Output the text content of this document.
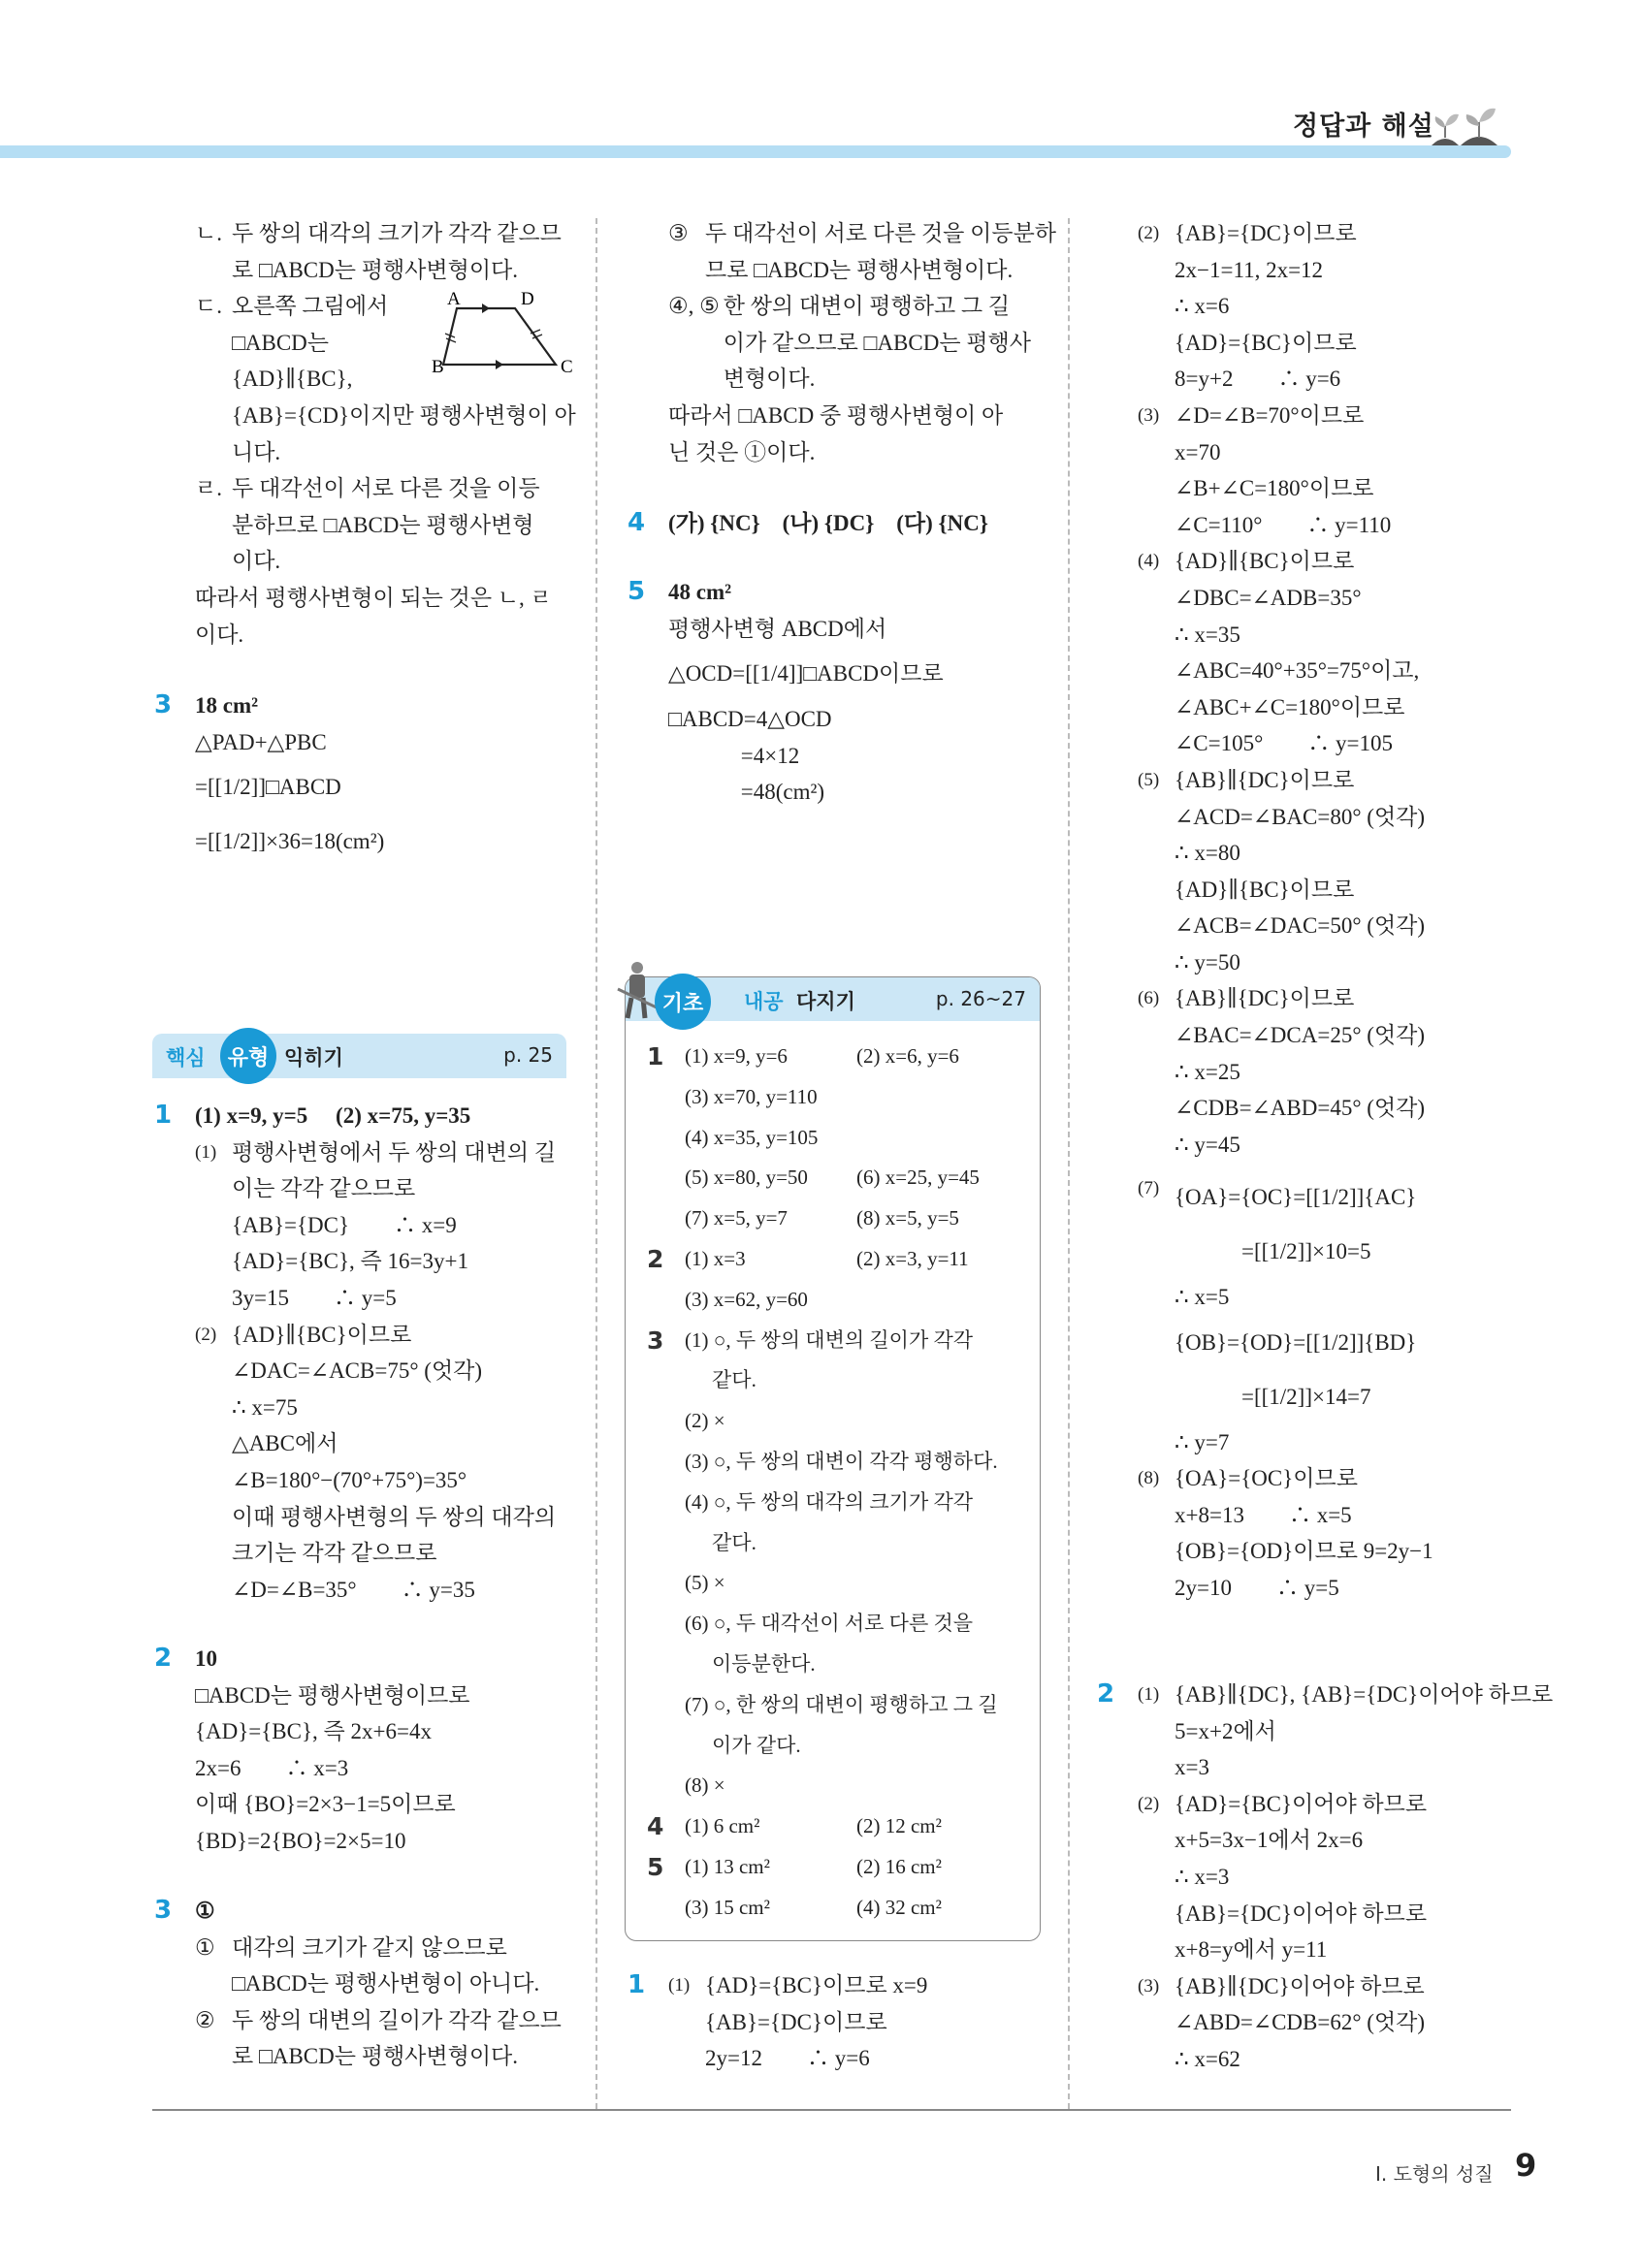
정답과 해설
ㄴ. 두 쌍의 대각의 크기가 각각 같으므
로 □ABCD는 평행사변형이다.
ㄷ. 오른쪽 그림에서
□ABCD는
{AD}∥{BC},
{AB}={CD}이지만 평행사변형이 아
니다.
ㄹ. 두 대각선이 서로 다른 것을 이등
분하므로 □ABCD는 평행사변형
이다.
따라서 평행사변형이 되는 것은 ㄴ, ㄹ
이다.
A	D
B	C
3	18 cm²
△PAD+△PBC
=[[1/2]]□ABCD
=[[1/2]]×36=18(cm²)
핵심	유형 익히기	p. 25
1	(1) x=9, y=5　 (2) x=75, y=35
(1) 평행사변형에서 두 쌍의 대변의 길
이는 각각 같으므로
{AB}={DC}　　∴ x=9
{AD}={BC}, 즉 16=3y+1
3y=15　　∴ y=5
(2) {AD}∥{BC}이므로
∠DAC=∠ACB=75° (엇각)
∴ x=75
△ABC에서
∠B=180°−(70°+75°)=35°
이때 평행사변형의 두 쌍의 대각의
크기는 각각 같으므로
∠D=∠B=35°　　∴ y=35
2	10
□ABCD는 평행사변형이므로
{AD}={BC}, 즉 2x+6=4x
2x=6　　∴ x=3
이때 {BO}=2×3−1=5이므로
{BD}=2{BO}=2×5=10
3	①
① 대각의 크기가 같지 않으므로
□ABCD는 평행사변형이 아니다.
② 두 쌍의 대변의 길이가 각각 같으므
로 □ABCD는 평행사변형이다.
③ 두 대각선이 서로 다른 것을 이등분하
므로 □ABCD는 평행사변형이다.
④, ⑤ 한 쌍의 대변이 평행하고 그 길
이가 같으므로 □ABCD는 평행사
변형이다.
따라서 □ABCD 중 평행사변형이 아
닌 것은 ①이다.
4	(가) {NC}　(나) {DC}　(다) {NC}
5	48 cm²
평행사변형 ABCD에서
△OCD=[[1/4]]□ABCD이므로
□ABCD=4△OCD
　　　 =4×12
　　　 =48(cm²)
기초	내공 다지기	p. 26~27
1	(1) x=9, y=6	(2) x=6, y=6
(3) x=70, y=110
(4) x=35, y=105
(5) x=80, y=50	(6) x=25, y=45
(7) x=5, y=7	(8) x=5, y=5
2	(1) x=3	(2) x=3, y=11
(3) x=62, y=60
3	(1) ○, 두 쌍의 대변의 길이가 각각
같다.
(2) ×
(3) ○, 두 쌍의 대변이 각각 평행하다.
(4) ○, 두 쌍의 대각의 크기가 각각
같다.
(5) ×
(6) ○, 두 대각선이 서로 다른 것을
이등분한다.
(7) ○, 한 쌍의 대변이 평행하고 그 길
이가 같다.
(8) ×
4	(1) 6 cm²	(2) 12 cm²
5	(1) 13 cm²	(2) 16 cm²
(3) 15 cm²	(4) 32 cm²
1	(1) {AD}={BC}이므로 x=9
{AB}={DC}이므로
2y=12　　∴ y=6
(2) {AB}={DC}이므로
2x−1=11, 2x=12
∴ x=6
{AD}={BC}이므로
8=y+2　　∴ y=6
(3) ∠D=∠B=70°이므로
x=70
∠B+∠C=180°이므로
∠C=110°　　∴ y=110
(4) {AD}∥{BC}이므로
∠DBC=∠ADB=35°
∴ x=35
∠ABC=40°+35°=75°이고,
∠ABC+∠C=180°이므로
∠C=105°　　∴ y=105
(5) {AB}∥{DC}이므로
∠ACD=∠BAC=80° (엇각)
∴ x=80
{AD}∥{BC}이므로
∠ACB=∠DAC=50° (엇각)
∴ y=50
(6) {AB}∥{DC}이므로
∠BAC=∠DCA=25° (엇각)
∴ x=25
∠CDB=∠ABD=45° (엇각)
∴ y=45
(7) {OA}={OC}=[[1/2]]{AC}
　　　=[[1/2]]×10=5
∴ x=5
{OB}={OD}=[[1/2]]{BD}
　　　=[[1/2]]×14=7
∴ y=7
(8) {OA}={OC}이므로
x+8=13　　∴ x=5
{OB}={OD}이므로 9=2y−1
2y=10　　∴ y=5
2	(1) {AB}∥{DC}, {AB}={DC}이어야 하므로
5=x+2에서
x=3
(2) {AD}={BC}이어야 하므로
x+5=3x−1에서 2x=6
∴ x=3
{AB}={DC}이어야 하므로
x+8=y에서 y=11
(3) {AB}∥{DC}이어야 하므로
∠ABD=∠CDB=62° (엇각)
∴ x=62
Ⅰ. 도형의 성질 9
